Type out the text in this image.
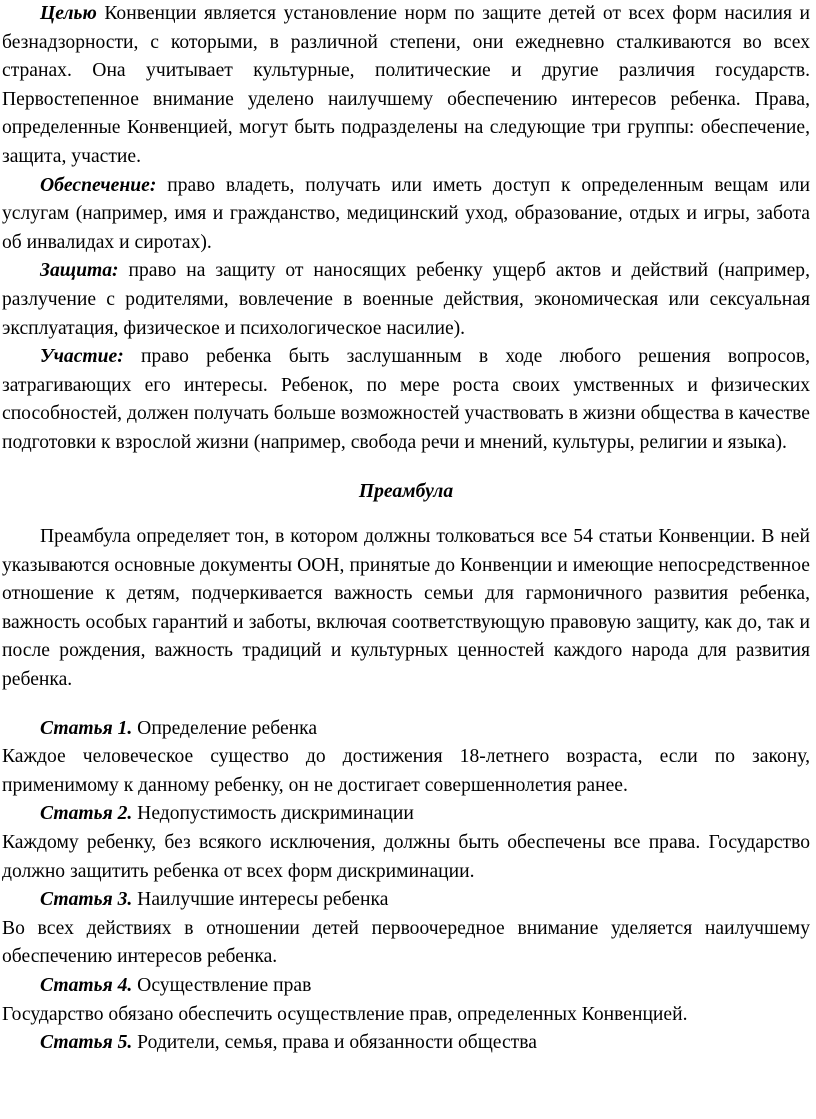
Целью Конвенции является установление норм по защите детей от всех форм насилия и безнадзорности, с которыми, в различной степени, они ежедневно сталкиваются во всех странах. Она учитывает культурные, политические и другие различия государств. Первостепенное внимание уделено наилучшему обеспечению интересов ребенка. Права, определенные Конвенцией, могут быть подразделены на следующие три группы: обеспечение, защита, участие.

Обеспечение: право владеть, получать или иметь доступ к определенным вещам или услугам (например, имя и гражданство, медицинский уход, образование, отдых и игры, забота об инвалидах и сиротах).

Защита: право на защиту от наносящих ребенку ущерб актов и действий (например, разлучение с родителями, вовлечение в военные действия, экономическая или сексуальная эксплуатация, физическое и психологическое насилие).

Участие: право ребенка быть заслушанным в ходе любого решения вопросов, затрагивающих его интересы. Ребенок, по мере роста своих умственных и физических способностей, должен получать больше возможностей участвовать в жизни общества в качестве подготовки к взрослой жизни (например, свобода речи и мнений, культуры, религии и языка).

Преамбула

Преамбула определяет тон, в котором должны толковаться все 54 статьи Конвенции. В ней указываются основные документы ООН, принятые до Конвенции и имеющие непосредственное отношение к детям, подчеркивается важность семьи для гармоничного развития ребенка, важность особых гарантий и заботы, включая соответствующую правовую защиту, как до, так и после рождения, важность традиций и культурных ценностей каждого народа для развития ребенка.

Статья 1. Определение ребенка

Каждое человеческое существо до достижения 18-летнего возраста, если по закону, применимому к данному ребенку, он не достигает совершеннолетия ранее.

Статья 2. Недопустимость дискриминации

Каждому ребенку, без всякого исключения, должны быть обеспечены все права. Государство должно защитить ребенка от всех форм дискриминации.

Статья 3. Наилучшие интересы ребенка

Во всех действиях в отношении детей первоочередное внимание уделяется наилучшему обеспечению интересов ребенка.

Статья 4. Осуществление прав

Государство обязано обеспечить осуществление прав, определенных Конвенцией.

Статья 5. Родители, семья, права и обязанности общества
